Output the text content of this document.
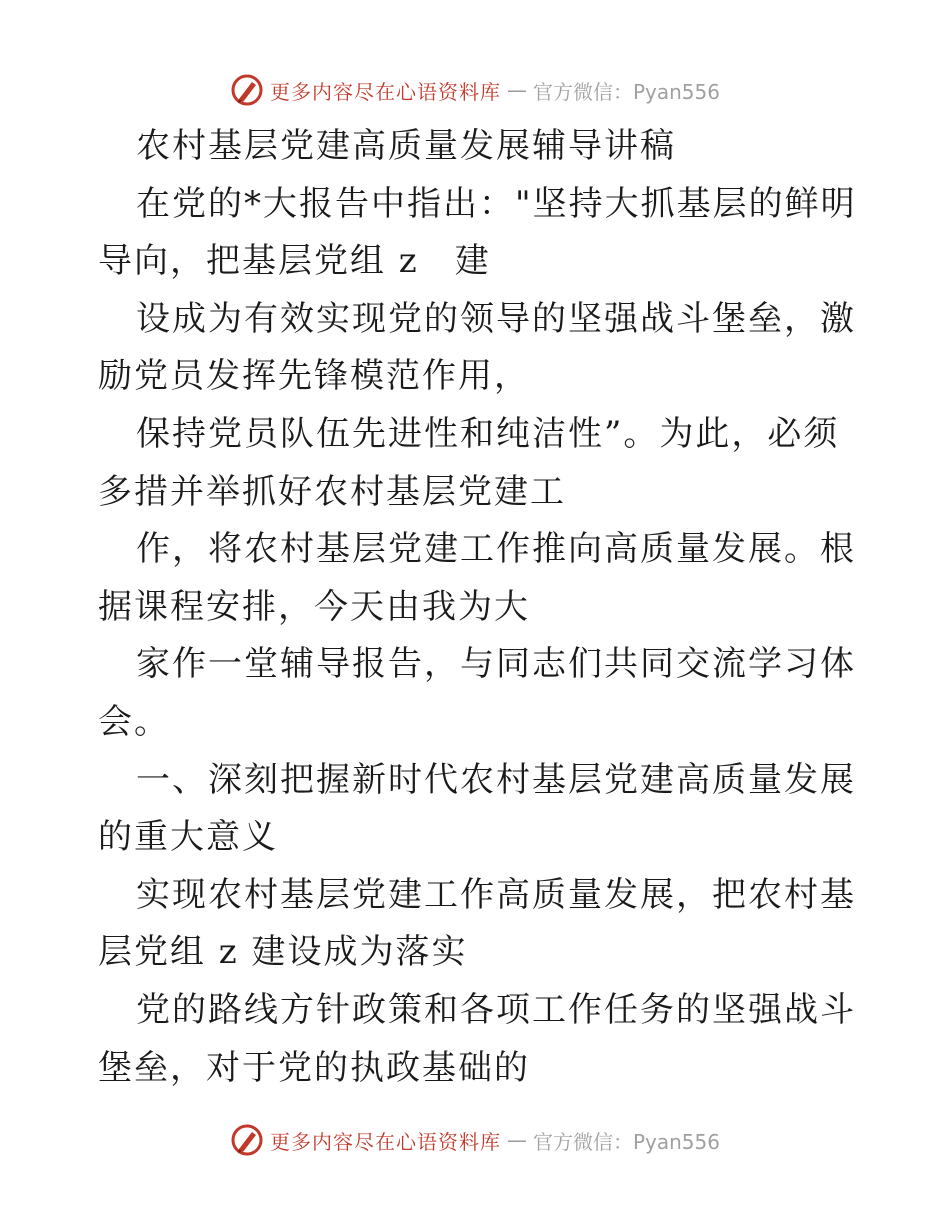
更多内容尽在心语资料库 — 官方微信：Pyan556

农村基层党建高质量发展辅导讲稿

在党的*大报告中指出："坚持大抓基层的鲜明导向，把基层党组 z　建

设成为有效实现党的领导的坚强战斗堡垒，激励党员发挥先锋模范作用，

保持党员队伍先进性和纯洁性”。为此，必须多措并举抓好农村基层党建工

作，将农村基层党建工作推向高质量发展。根据课程安排，今天由我为大

家作一堂辅导报告，与同志们共同交流学习体会。

一、深刻把握新时代农村基层党建高质量发展的重大意义

实现农村基层党建工作高质量发展，把农村基层党组 z 建设成为落实

党的路线方针政策和各项工作任务的坚强战斗堡垒，对于党的执政基础的

更多内容尽在心语资料库 — 官方微信：Pyan556
